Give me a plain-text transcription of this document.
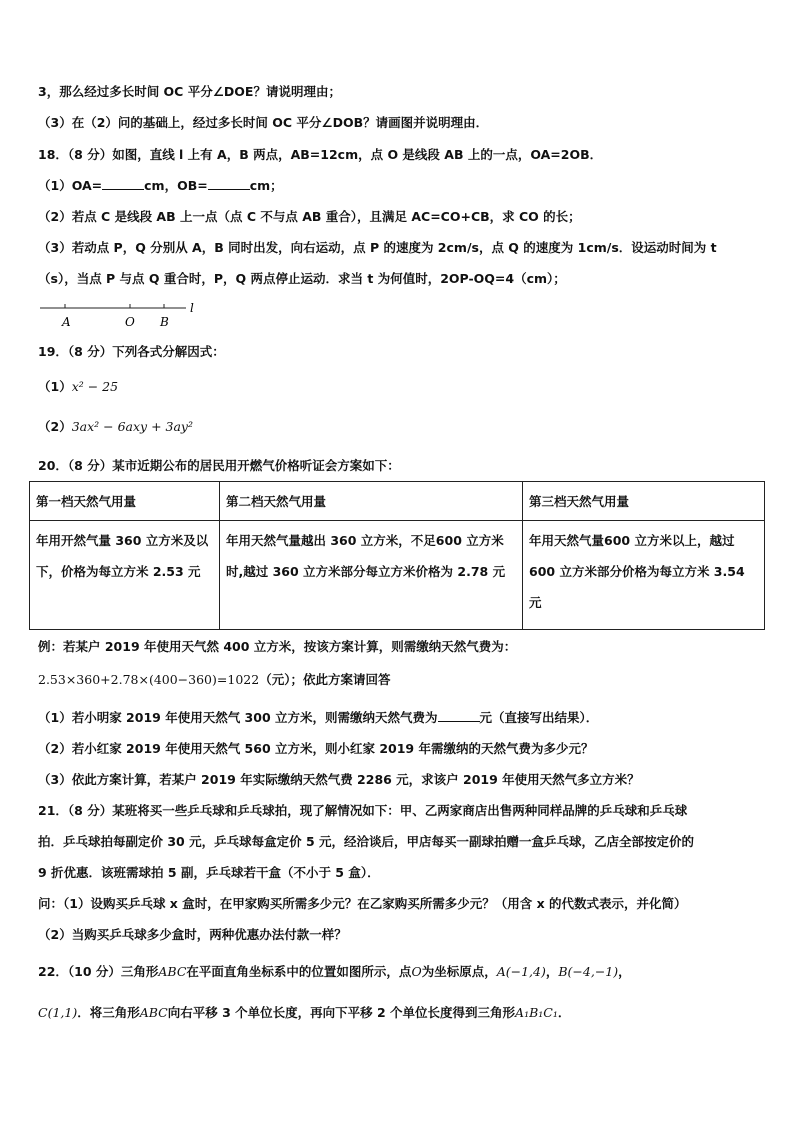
3，那么经过多长时间 OC 平分∠DOE？请说明理由；
（3）在（2）问的基础上，经过多长时间 OC 平分∠DOB？请画图并说明理由．
18．（8 分）如图，直线 l 上有 A，B 两点，AB=12cm，点 O 是线段 AB 上的一点，OA=2OB．
（1）OA=	cm，OB=	cm；
（2）若点 C 是线段 AB 上一点（点 C 不与点 AB 重合），且满足 AC=CO+CB，求 CO 的长；
（3）若动点 P，Q 分别从 A，B 同时出发，向右运动，点 P 的速度为 2cm/s，点 Q 的速度为 1cm/s．设运动时间为 t
（s），当点 P 与点 Q 重合时，P，Q 两点停止运动．求当 t 为何值时，2OP-OQ=4（cm）；
A	O B
l
19．（8 分）下列各式分解因式：
（1）x² − 25
（2）3ax² − 6axy + 3ay²
20．（8 分）某市近期公布的居民用开燃气价格听证会方案如下：
第一档天然气用量	第二档天然气用量	第三档天然气用量
年用开然气量 360 立方米及以下，价格为每立方米 2.53 元	年用天然气量越出 360 立方米，不足600 立方米时,越过 360 立方米部分每立方米价格为 2.78 元	年用天然气量600 立方米以上，越过600 立方米部分价格为每立方米 3.54 元
例：若某户 2019 年使用天气然 400 立方米，按该方案计算，则需缴纳天然气费为：
2.53×360+2.78×(400−360)=1022（元）；依此方案请回答
（1）若小明家 2019 年使用天然气 300 立方米，则需缴纳天然气费为	元（直接写出结果）．
（2）若小红家 2019 年使用天然气 560 立方米，则小红家 2019 年需缴纳的天然气费为多少元？
（3）依此方案计算，若某户 2019 年实际缴纳天然气费 2286 元，求该户 2019 年使用天然气多立方米？
21．（8 分）某班将买一些乒乓球和乒乓球拍，现了解情况如下：甲、乙两家商店出售两种同样品牌的乒乓球和乒乓球
拍．乒乓球拍每副定价 30 元，乒乓球每盒定价 5 元，经洽谈后，甲店每买一副球拍赠一盒乒乓球，乙店全部按定价的
9 折优惠．该班需球拍 5 副，乒乓球若干盒（不小于 5 盒）．
问：（1）设购买乒乓球 x 盒时，在甲家购买所需多少元？在乙家购买所需多少元？（用含 x 的代数式表示，并化简）
（2）当购买乒乓球多少盒时，两种优惠办法付款一样？
22．（10 分）三角形ABC在平面直角坐标系中的位置如图所示，点O为坐标原点，A(−1,4)，B(−4,−1)，
C(1,1)．将三角形ABC向右平移 3 个单位长度，再向下平移 2 个单位长度得到三角形A₁B₁C₁．
